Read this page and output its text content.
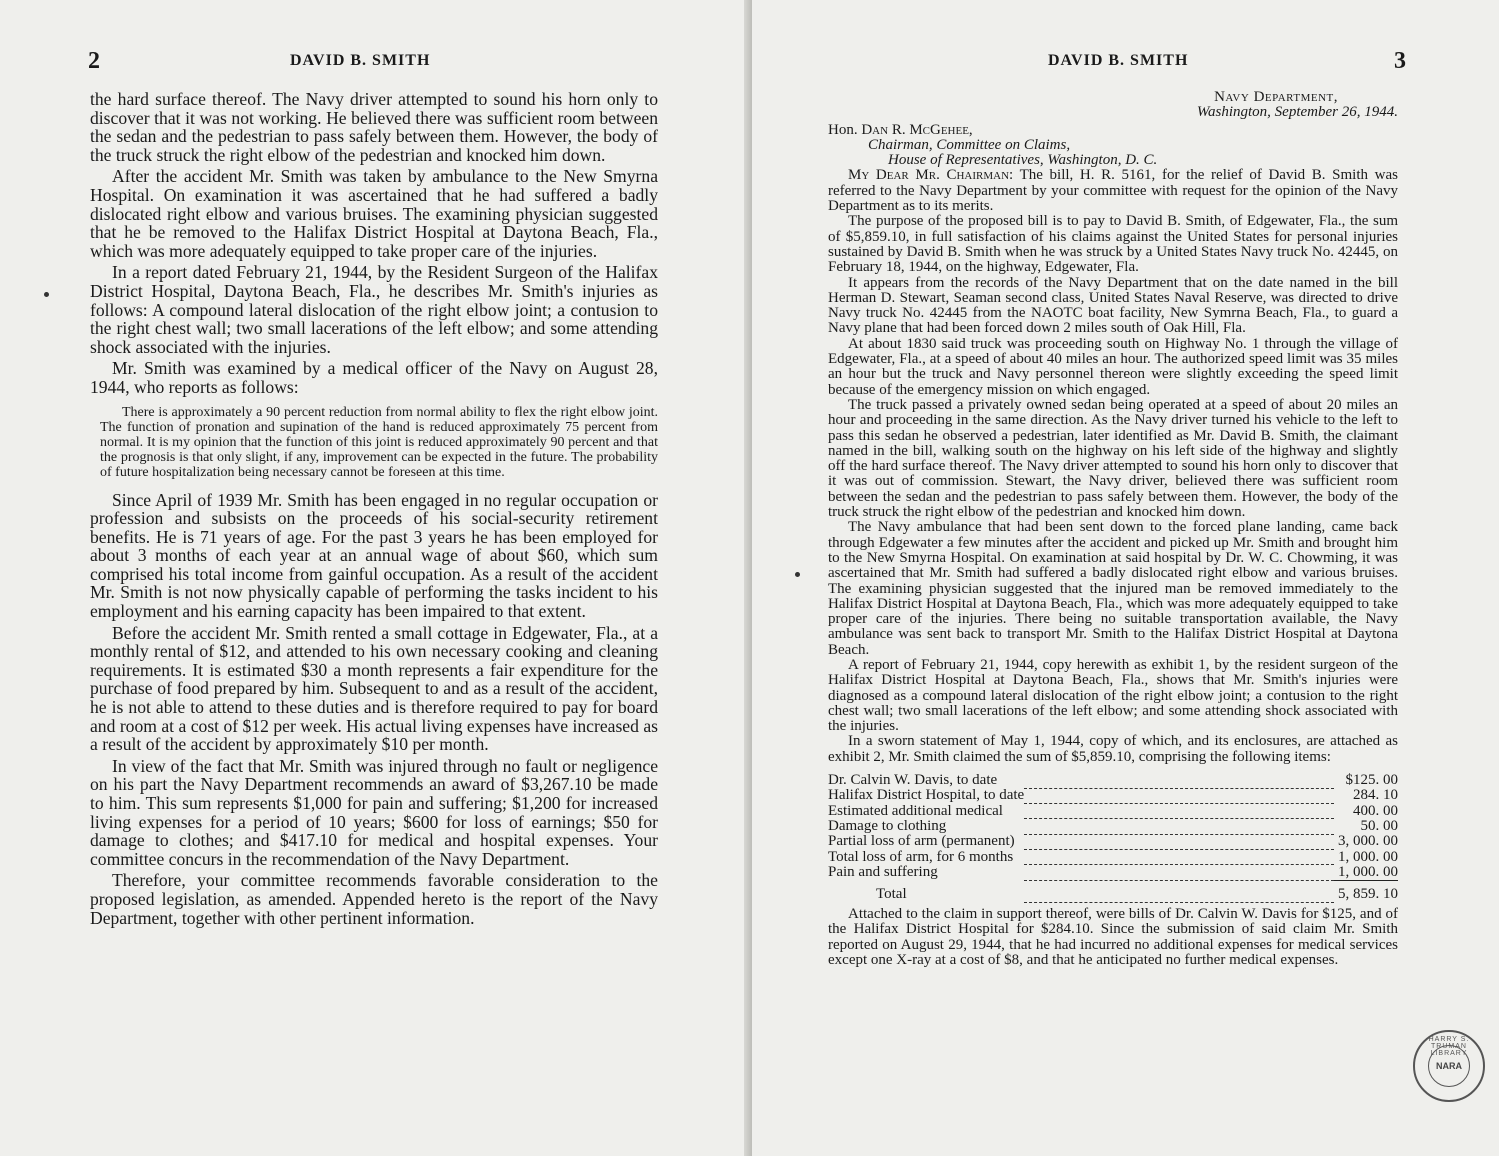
2	DAVID B. SMITH

the hard surface thereof. The Navy driver attempted to sound his horn only to discover that it was not working. He believed there was sufficient room between the sedan and the pedestrian to pass safely between them. However, the body of the truck struck the right elbow of the pedestrian and knocked him down.

After the accident Mr. Smith was taken by ambulance to the New Smyrna Hospital. On examination it was ascertained that he had suffered a badly dislocated right elbow and various bruises. The examining physician suggested that he be removed to the Halifax District Hospital at Daytona Beach, Fla., which was more adequately equipped to take proper care of the injuries.

In a report dated February 21, 1944, by the Resident Surgeon of the Halifax District Hospital, Daytona Beach, Fla., he describes Mr. Smith's injuries as follows: A compound lateral dislocation of the right elbow joint; a contusion to the right chest wall; two small lacerations of the left elbow; and some attending shock associated with the injuries.

Mr. Smith was examined by a medical officer of the Navy on August 28, 1944, who reports as follows:

There is approximately a 90 percent reduction from normal ability to flex the right elbow joint. The function of pronation and supination of the hand is reduced approximately 75 percent from normal. It is my opinion that the function of this joint is reduced approximately 90 percent and that the prognosis is that only slight, if any, improvement can be expected in the future. The probability of future hospitalization being necessary cannot be foreseen at this time.

Since April of 1939 Mr. Smith has been engaged in no regular occupation or profession and subsists on the proceeds of his social-security retirement benefits. He is 71 years of age. For the past 3 years he has been employed for about 3 months of each year at an annual wage of about $60, which sum comprised his total income from gainful occupation. As a result of the accident Mr. Smith is not now physically capable of performing the tasks incident to his employment and his earning capacity has been impaired to that extent.

Before the accident Mr. Smith rented a small cottage in Edgewater, Fla., at a monthly rental of $12, and attended to his own necessary cooking and cleaning requirements. It is estimated $30 a month represents a fair expenditure for the purchase of food prepared by him. Subsequent to and as a result of the accident, he is not able to attend to these duties and is therefore required to pay for board and room at a cost of $12 per week. His actual living expenses have increased as a result of the accident by approximately $10 per month.

In view of the fact that Mr. Smith was injured through no fault or negligence on his part the Navy Department recommends an award of $3,267.10 be made to him. This sum represents $1,000 for pain and suffering; $1,200 for increased living expenses for a period of 10 years; $600 for loss of earnings; $50 for damage to clothes; and $417.10 for medical and hospital expenses. Your committee concurs in the recommendation of the Navy Department.

Therefore, your committee recommends favorable consideration to the proposed legislation, as amended. Appended hereto is the report of the Navy Department, together with other pertinent information.

DAVID B. SMITH	3
Navy Department,
Washington, September 26, 1944.
Hon. Dan R. McGehee,
Chairman, Committee on Claims,
House of Representatives, Washington, D. C.

My Dear Mr. Chairman: The bill, H. R. 5161, for the relief of David B. Smith was referred to the Navy Department by your committee with request for the opinion of the Navy Department as to its merits.

The purpose of the proposed bill is to pay to David B. Smith, of Edgewater, Fla., the sum of $5,859.10, in full satisfaction of his claims against the United States for personal injuries sustained by David B. Smith when he was struck by a United States Navy truck No. 42445, on February 18, 1944, on the highway, Edgewater, Fla.

It appears from the records of the Navy Department that on the date named in the bill Herman D. Stewart, Seaman second class, United States Naval Reserve, was directed to drive Navy truck No. 42445 from the NAOTC boat facility, New Symrna Beach, Fla., to guard a Navy plane that had been forced down 2 miles south of Oak Hill, Fla.

At about 1830 said truck was proceeding south on Highway No. 1 through the village of Edgewater, Fla., at a speed of about 40 miles an hour. The authorized speed limit was 35 miles an hour but the truck and Navy personnel thereon were slightly exceeding the speed limit because of the emergency mission on which engaged.

The truck passed a privately owned sedan being operated at a speed of about 20 miles an hour and proceeding in the same direction. As the Navy driver turned his vehicle to the left to pass this sedan he observed a pedestrian, later identified as Mr. David B. Smith, the claimant named in the bill, walking south on the highway on his left side of the highway and slightly off the hard surface thereof. The Navy driver attempted to sound his horn only to discover that it was out of commission. Stewart, the Navy driver, believed there was sufficient room between the sedan and the pedestrian to pass safely between them. However, the body of the truck struck the right elbow of the pedestrian and knocked him down.

The Navy ambulance that had been sent down to the forced plane landing, came back through Edgewater a few minutes after the accident and picked up Mr. Smith and brought him to the New Smyrna Hospital. On examination at said hospital by Dr. W. C. Chowming, it was ascertained that Mr. Smith had suffered a badly dislocated right elbow and various bruises. The examining physician suggested that the injured man be removed immediately to the Halifax District Hospital at Daytona Beach, Fla., which was more adequately equipped to take proper care of the injuries. There being no suitable transportation available, the Navy ambulance was sent back to transport Mr. Smith to the Halifax District Hospital at Daytona Beach.

A report of February 21, 1944, copy herewith as exhibit 1, by the resident surgeon of the Halifax District Hospital at Daytona Beach, Fla., shows that Mr. Smith's injuries were diagnosed as a compound lateral dislocation of the right elbow joint; a contusion to the right chest wall; two small lacerations of the left elbow; and some attending shock associated with the injuries.

In a sworn statement of May 1, 1944, copy of which, and its enclosures, are attached as exhibit 2, Mr. Smith claimed the sum of $5,859.10, comprising the following items:

Dr. Calvin W. Davis, to date		$125. 00
Halifax District Hospital, to date		284. 10
Estimated additional medical		400. 00
Damage to clothing		50. 00
Partial loss of arm (permanent)		3, 000. 00
Total loss of arm, for 6 months		1, 000. 00
Pain and suffering		1, 000. 00
Total		5, 859. 10

Attached to the claim in support thereof, were bills of Dr. Calvin W. Davis for $125, and of the Halifax District Hospital for $284.10. Since the submission of said claim Mr. Smith reported on August 29, 1944, that he had incurred no additional expenses for medical services except one X-ray at a cost of $8, and that he anticipated no further medical expenses.

HARRY S. TRUMAN LIBRARY
NARA
